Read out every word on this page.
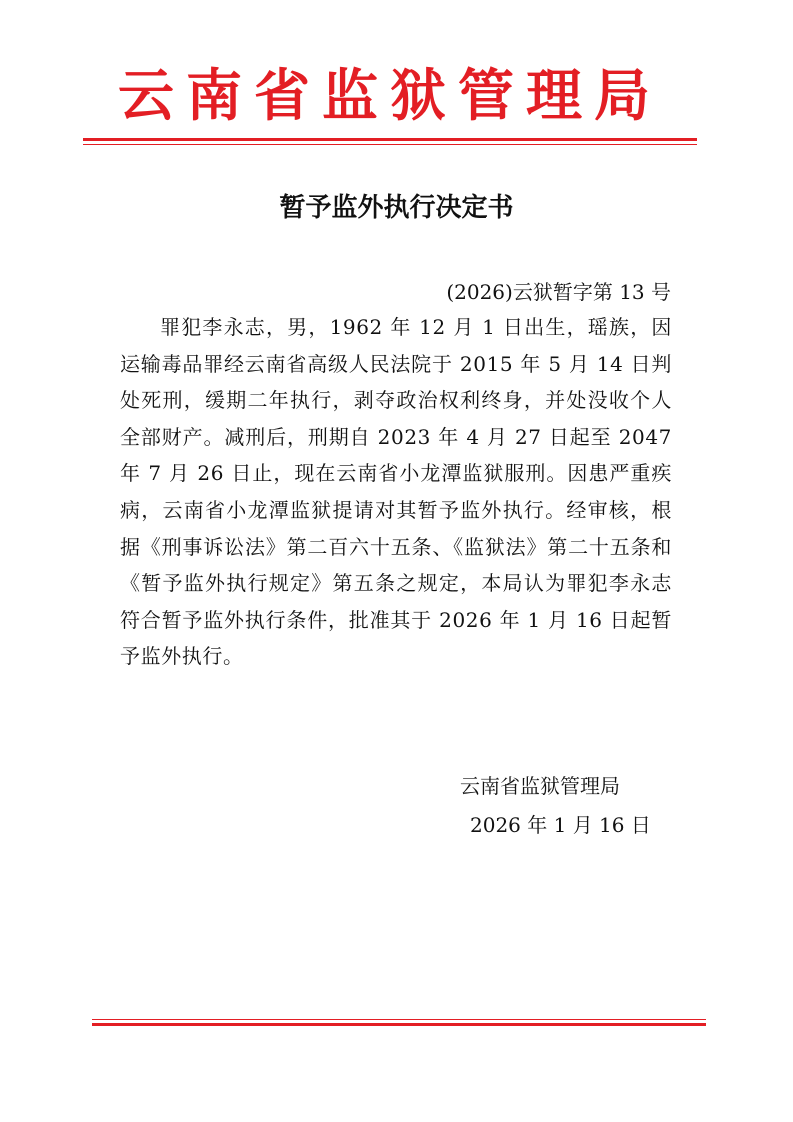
云南省监狱管理局
暂予监外执行决定书
(2026)云狱暂字第 13 号
罪犯李永志，男，1962 年 12 月 1 日出生，瑶族，因运输毒品罪经云南省高级人民法院于 2015 年 5 月 14 日判处死刑，缓期二年执行，剥夺政治权利终身，并处没收个人全部财产。减刑后，刑期自 2023 年 4 月 27 日起至 2047 年 7 月 26 日止，现在云南省小龙潭监狱服刑。因患严重疾病，云南省小龙潭监狱提请对其暂予监外执行。经审核，根据《刑事诉讼法》第二百六十五条、《监狱法》第二十五条和《暂予监外执行规定》第五条之规定，本局认为罪犯李永志符合暂予监外执行条件，批准其于 2026 年 1 月 16 日起暂予监外执行。
云南省监狱管理局
2026 年 1 月 16 日
